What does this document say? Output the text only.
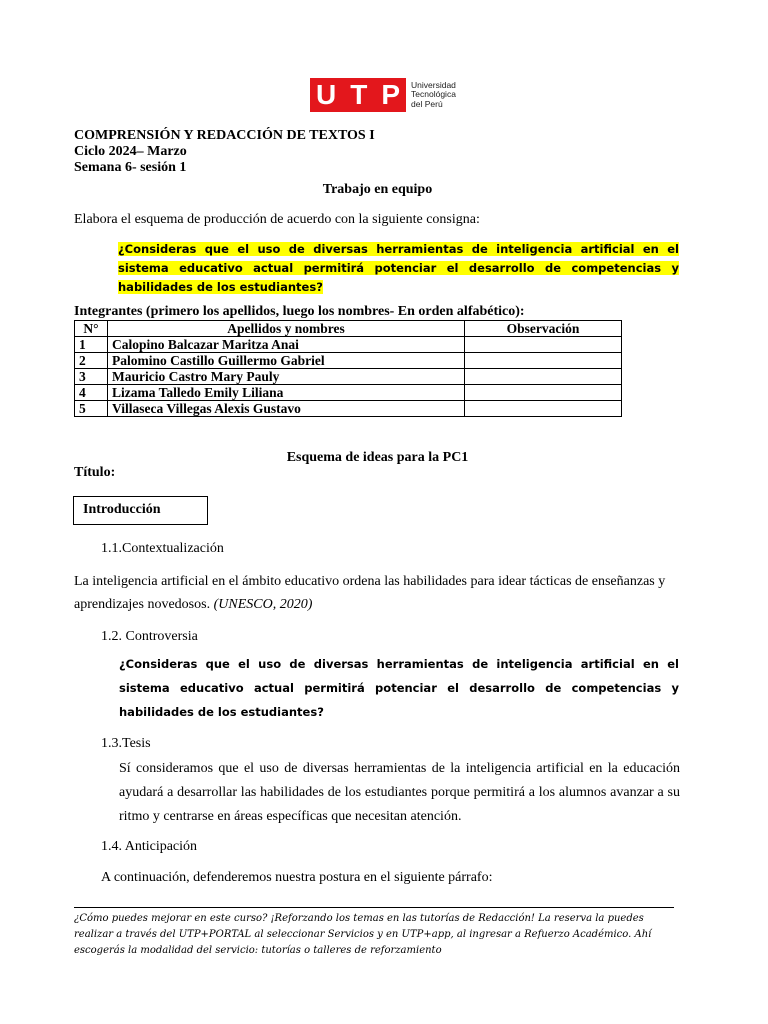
U T P Universidad
Tecnológica
del Perú
COMPRENSIÓN Y REDACCIÓN DE TEXTOS I
Ciclo 2024– Marzo
Semana 6- sesión 1
Trabajo en equipo
Elabora el esquema de producción de acuerdo con la siguiente consigna:
¿Consideras que el uso de diversas herramientas de inteligencia artificial en el sistema educativo actual permitirá potenciar el desarrollo de competencias y habilidades de los estudiantes?
Integrantes (primero los apellidos, luego los nombres- En orden alfabético):
N°	Apellidos y nombres	Observación
1	Calopino Balcazar Maritza Anai	
2	Palomino Castillo Guillermo Gabriel	
3	Mauricio Castro Mary Pauly	
4	Lizama Talledo Emily Liliana	
5	Villaseca Villegas Alexis Gustavo	
Esquema de ideas para la PC1
Título:
Introducción
1.1.Contextualización
La inteligencia artificial en el ámbito educativo ordena las habilidades para idear tácticas de enseñanzas y aprendizajes novedosos. (UNESCO, 2020)
1.2. Controversia
¿Consideras que el uso de diversas herramientas de inteligencia artificial en el sistema educativo actual permitirá potenciar el desarrollo de competencias y habilidades de los estudiantes?
1.3.Tesis
Sí consideramos que el uso de diversas herramientas de la inteligencia artificial en la educación ayudará a desarrollar las habilidades de los estudiantes porque permitirá a los alumnos avanzar a su ritmo y centrarse en áreas específicas que necesitan atención.
1.4. Anticipación
A continuación, defenderemos nuestra postura en el siguiente párrafo:
¿Cómo puedes mejorar en este curso? ¡Reforzando los temas en las tutorías de Redacción! La reserva la puedes realizar a través del UTP+PORTAL al seleccionar Servicios y en UTP+app, al ingresar a Refuerzo Académico. Ahí escogerás la modalidad del servicio: tutorías o talleres de reforzamiento
